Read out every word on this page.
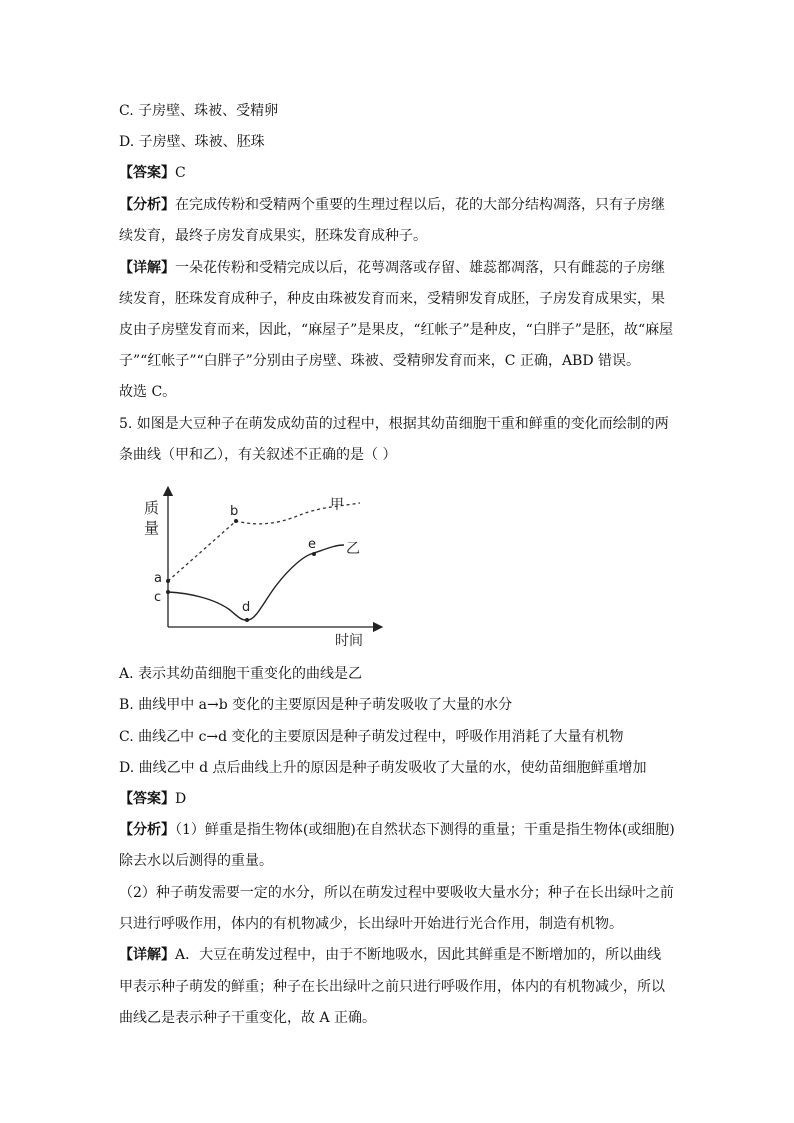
C. 子房壁、珠被、受精卵
D. 子房壁、珠被、胚珠
【答案】C
【分析】在完成传粉和受精两个重要的生理过程以后，花的大部分结构凋落，只有子房继
续发育，最终子房发育成果实，胚珠发育成种子。
【详解】一朵花传粉和受精完成以后，花萼凋落或存留、雄蕊都凋落，只有雌蕊的子房继
续发育，胚珠发育成种子，种皮由珠被发育而来，受精卵发育成胚，子房发育成果实，果
皮由子房壁发育而来，因此，“麻屋子”是果皮，“红帐子”是种皮，“白胖子”是胚，故“麻屋
子”“红帐子”“白胖子”分别由子房壁、珠被、受精卵发育而来，C 正确，ABD 错误。
故选 C。
5. 如图是大豆种子在萌发成幼苗的过程中，根据其幼苗细胞干重和鲜重的变化而绘制的两
条曲线（甲和乙），有关叙述不正确的是（ ）
质
量
时间
a
b
c
d
e
甲
乙
A. 表示其幼苗细胞干重变化的曲线是乙
B. 曲线甲中 a→b 变化的主要原因是种子萌发吸收了大量的水分
C. 曲线乙中 c→d 变化的主要原因是种子萌发过程中，呼吸作用消耗了大量有机物
D. 曲线乙中 d 点后曲线上升的原因是种子萌发吸收了大量的水，使幼苗细胞鲜重增加
【答案】D
【分析】（1）鲜重是指生物体(或细胞)在自然状态下测得的重量；干重是指生物体(或细胞)
除去水以后测得的重量。
（2）种子萌发需要一定的水分，所以在萌发过程中要吸收大量水分；种子在长出绿叶之前
只进行呼吸作用，体内的有机物减少，长出绿叶开始进行光合作用，制造有机物。
【详解】A．大豆在萌发过程中，由于不断地吸水，因此其鲜重是不断增加的，所以曲线
甲表示种子萌发的鲜重；种子在长出绿叶之前只进行呼吸作用，体内的有机物减少，所以
曲线乙是表示种子干重变化，故 A 正确。
